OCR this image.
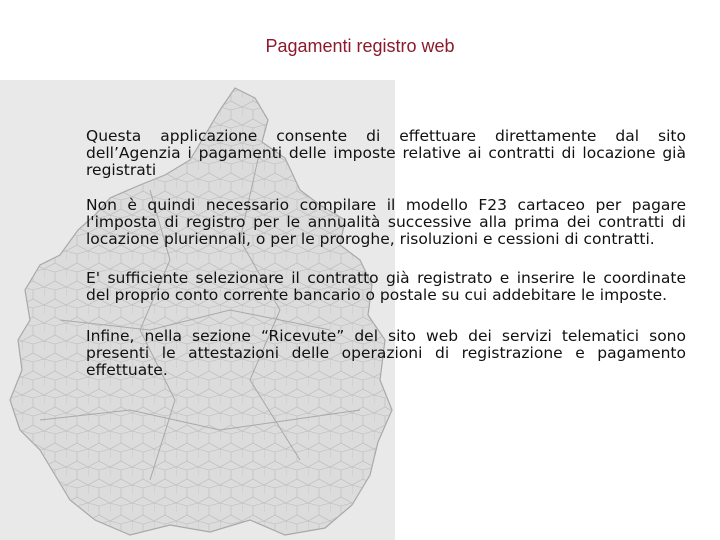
Pagamenti registro web

Questa applicazione consente di effettuare direttamente dal sito dell’Agenzia i pagamenti delle imposte relative ai contratti di locazione già registrati

Non è quindi necessario compilare il modello F23 cartaceo per pagare l'imposta di registro per le annualità successive alla prima dei contratti di locazione pluriennali, o per le proroghe, risoluzioni e cessioni di contratti.

E' sufficiente selezionare il contratto già registrato e inserire le coordinate del proprio conto corrente bancario o postale su cui addebitare le imposte.

Infine, nella sezione “Ricevute” del sito web dei servizi telematici sono presenti le attestazioni delle operazioni di registrazione e pagamento effettuate.
